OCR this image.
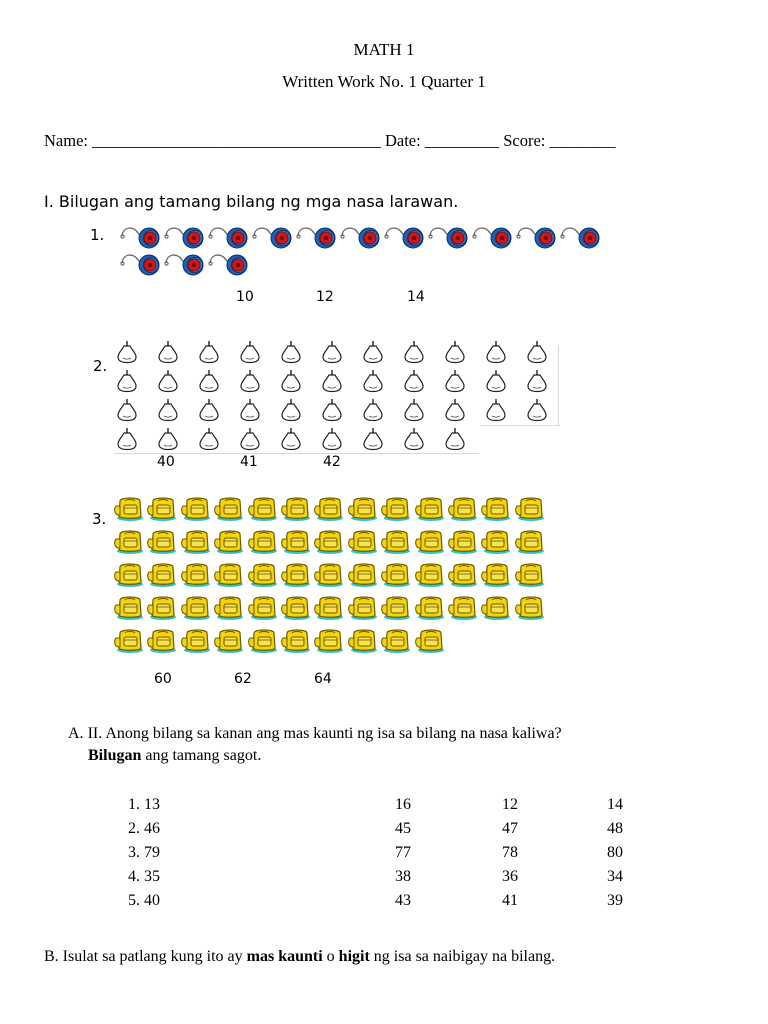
MATH 1
Written Work No. 1 Quarter 1
Name: ___________________________________ Date: _________ Score: ________
I. Bilugan ang tamang bilang ng mga nasa larawan.
1.
10	12	14
2.
40	41	42
3.
60	62	64
A. II. Anong bilang sa kanan ang mas kaunti ng isa sa bilang na nasa kaliwa?
Bilugan ang tamang sagot.
1. 13	16	12	14
2. 46	45	47	48
3. 79	77	78	80
4. 35	38	36	34
5. 40	43	41	39
B. Isulat sa patlang kung ito ay mas kaunti o higit ng isa sa naibigay na bilang.
